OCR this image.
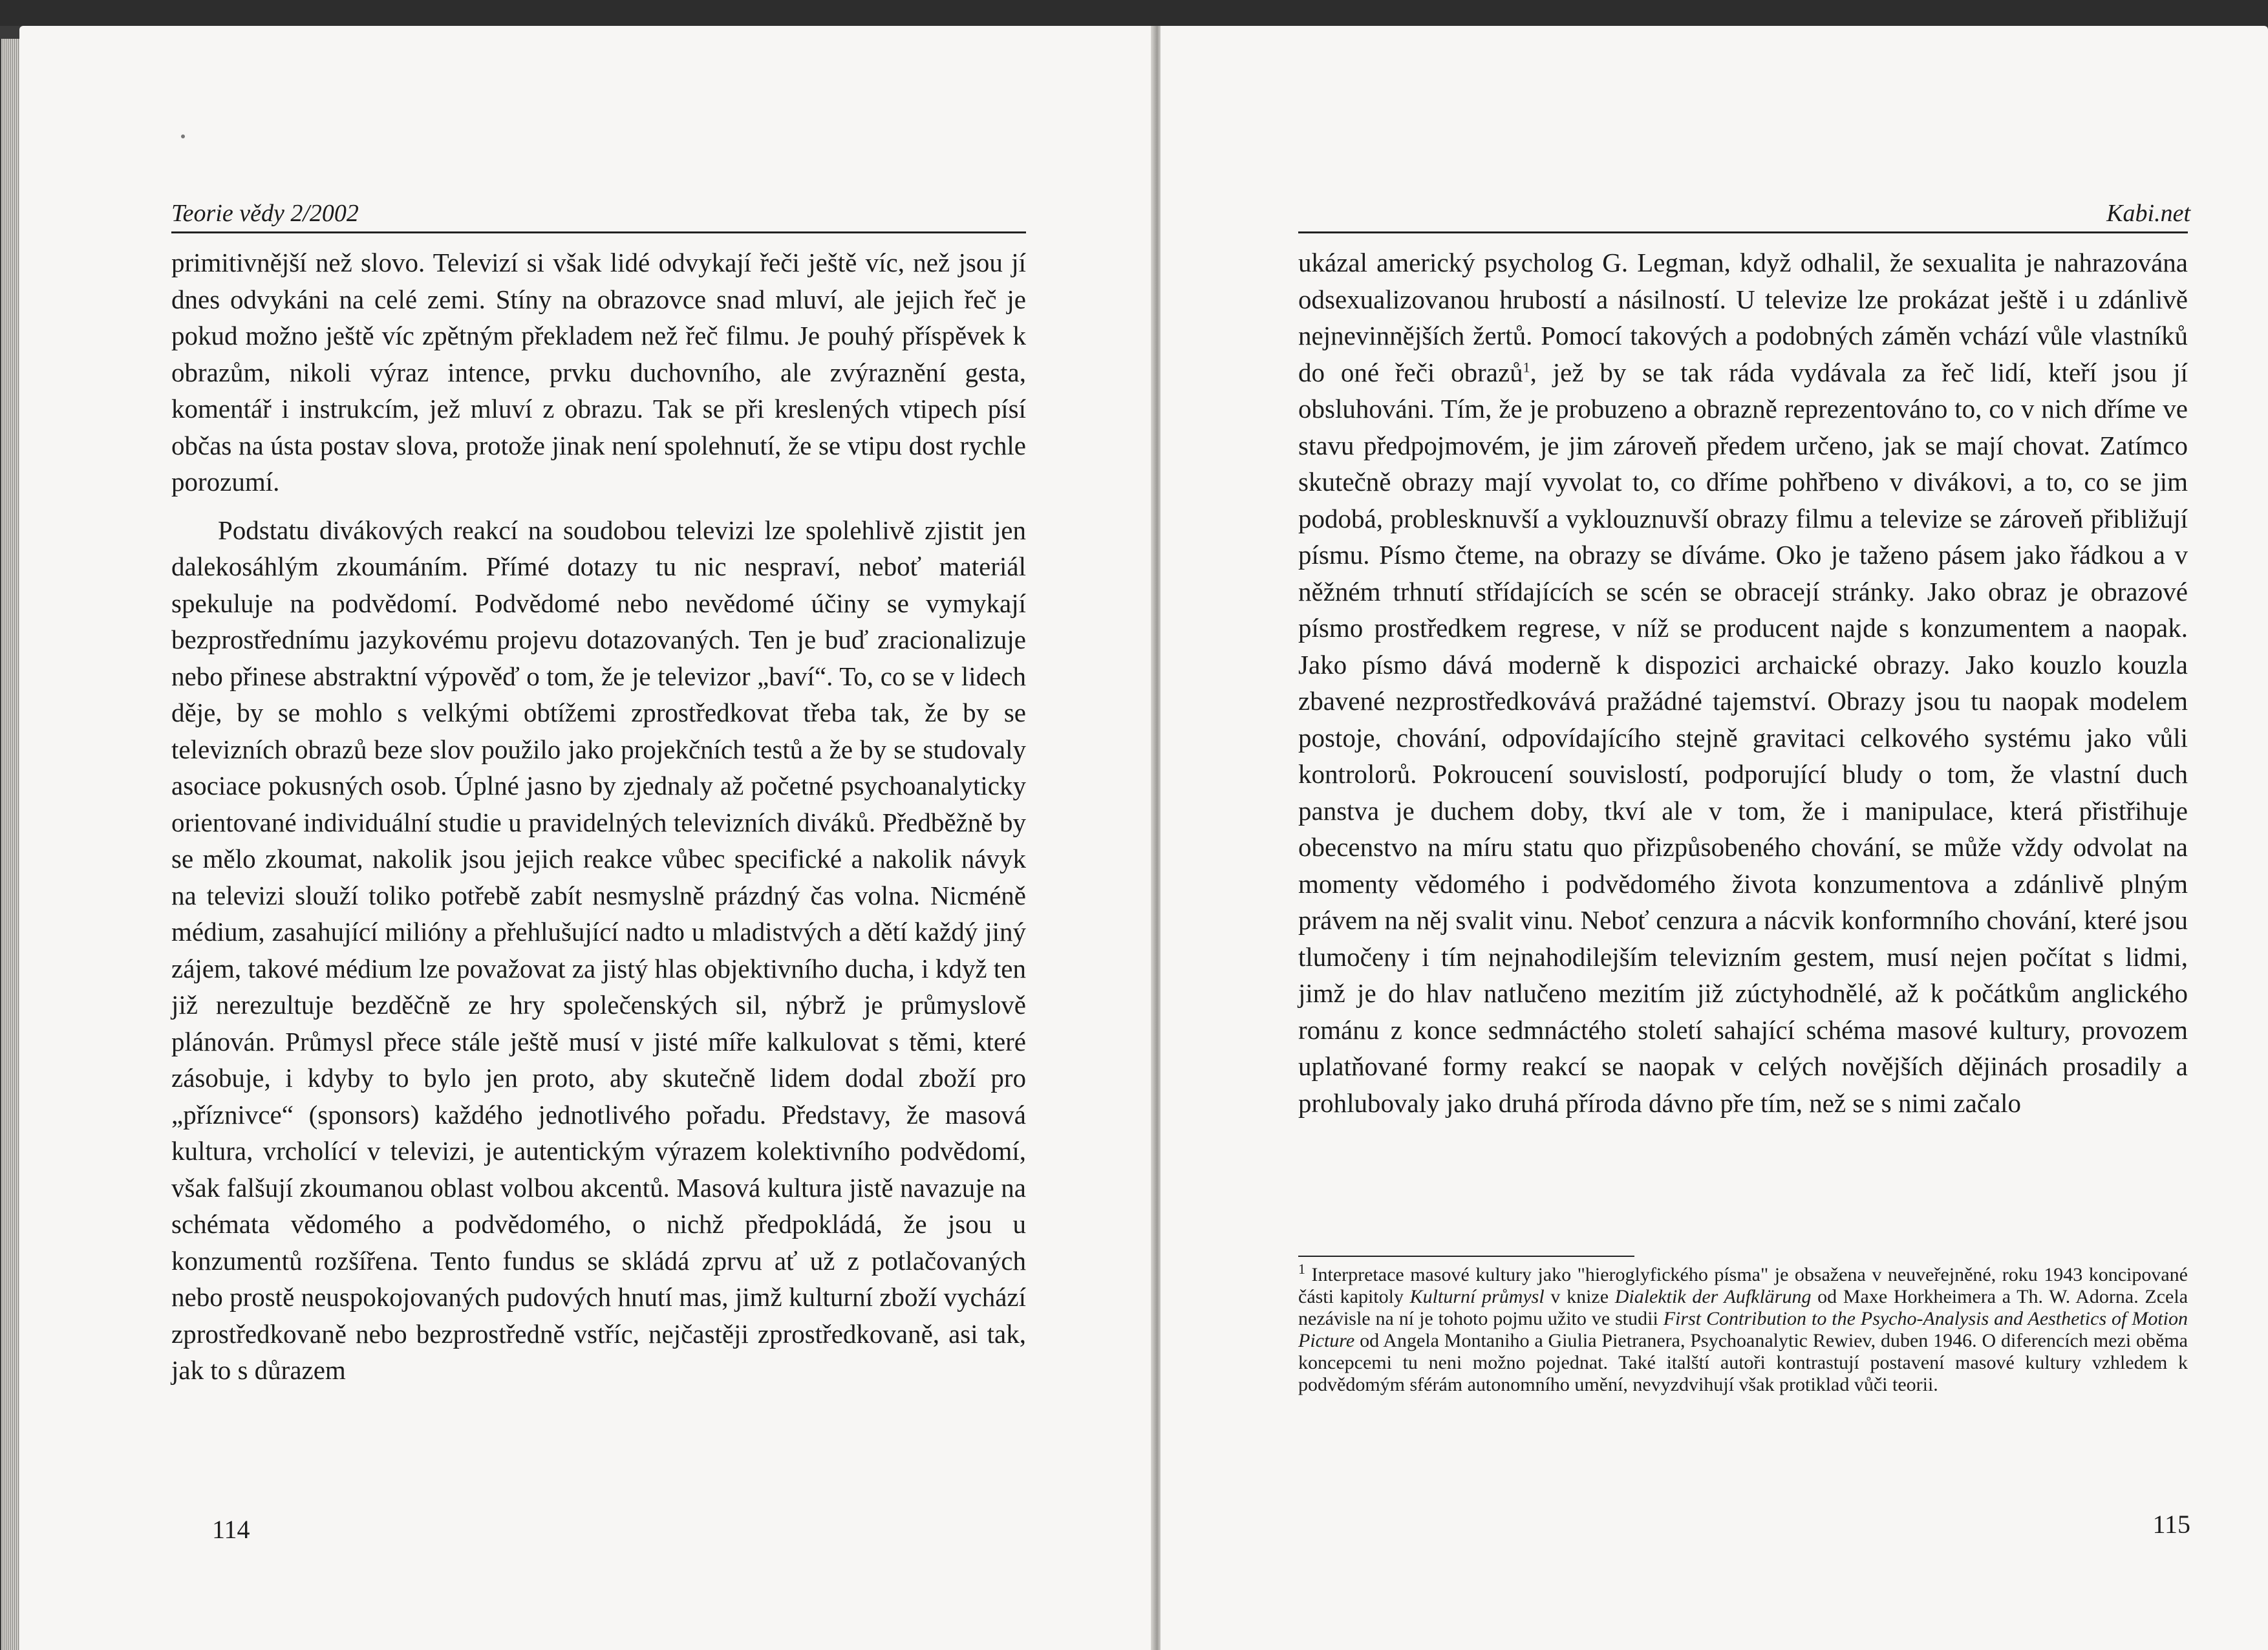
Teorie vědy 2/2002

primitivnější než slovo. Televizí si však lidé odvykají řeči ještě víc, než jsou jí dnes odvykáni na celé zemi. Stíny na obrazovce snad mluví, ale jejich řeč je pokud možno ještě víc zpětným překladem než řeč filmu. Je pouhý příspěvek k obrazům, nikoli výraz intence, prvku duchovního, ale zvýraznění gesta, komentář i instrukcím, jež mluví z obrazu. Tak se při kreslených vtipech písí občas na ústa postav slova, protože jinak není spolehnutí, že se vtipu dost rychle porozumí.

Podstatu divákových reakcí na soudobou televizi lze spolehlivě zjistit jen dalekosáhlým zkoumáním. Přímé dotazy tu nic nespraví, neboť materiál spekuluje na podvědomí. Podvědomé nebo nevědomé účiny se vymykají bezprostřednímu jazykovému projevu dotazovaných. Ten je buď zracionalizuje nebo přinese abstraktní výpověď o tom, že je televizor „baví“. To, co se v lidech děje, by se mohlo s velkými obtížemi zprostředkovat třeba tak, že by se televizních obrazů beze slov použilo jako projekčních testů a že by se studovaly asociace pokusných osob. Úplné jasno by zjednaly až početné psychoanalyticky orientované individuální studie u pravidelných televizních diváků. Předběžně by se mělo zkoumat, nakolik jsou jejich reakce vůbec specifické a nakolik návyk na televizi slouží toliko potřebě zabít nesmyslně prázdný čas volna. Nicméně médium, zasahující milióny a přehlušující nadto u mladistvých a dětí každý jiný zájem, takové médium lze považovat za jistý hlas objektivního ducha, i když ten již nerezultuje bezděčně ze hry společenských sil, nýbrž je průmyslově plánován. Průmysl přece stále ještě musí v jisté míře kalkulovat s těmi, které zásobuje, i kdyby to bylo jen proto, aby skutečně lidem dodal zboží pro „příznivce“ (sponsors) každého jednotlivého pořadu. Představy, že masová kultura, vrcholící v televizi, je autentickým výrazem kolektivního podvědomí, však falšují zkoumanou oblast volbou akcentů. Masová kultura jistě navazuje na schémata vědomého a podvědomého, o nichž předpokládá, že jsou u konzumentů rozšířena. Tento fundus se skládá zprvu ať už z potlačovaných nebo prostě neuspokojovaných pudových hnutí mas, jimž kulturní zboží vychází zprostředkovaně nebo bezprostředně vstříc, nejčastěji zprostředkovaně, asi tak, jak to s důrazem

114
Kabi.net

ukázal americký psycholog G. Legman, když odhalil, že sexualita je nahrazována odsexualizovanou hrubostí a násilností. U televize lze prokázat ještě i u zdánlivě nejnevinnějších žertů. Pomocí takových a podobných záměn vchází vůle vlastníků do oné řeči obrazů$^1$, jež by se tak ráda vydávala za řeč lidí, kteří jsou jí obsluhováni. Tím, že je probuzeno a obrazně reprezentováno to, co v nich dříme ve stavu předpojmovém, je jim zároveň předem určeno, jak se mají chovat. Zatímco skutečně obrazy mají vyvolat to, co dříme pohřbeno v divákovi, a to, co se jim podobá, problesknuvší a vyklouznuvší obrazy filmu a televize se zároveň přibližují písmu. Písmo čteme, na obrazy se díváme. Oko je taženo pásem jako řádkou a v něžném trhnutí střídajících se scén se obracejí stránky. Jako obraz je obrazové písmo prostředkem regrese, v níž se producent najde s konzumentem a naopak. Jako písmo dává moderně k dispozici archaické obrazy. Jako kouzlo kouzla zbavené nezprostředkovává pražádné tajemství. Obrazy jsou tu naopak modelem postoje, chování, odpovídajícího stejně gravitaci celkového systému jako vůli kontrolorů. Pokroucení souvislostí, podporující bludy o tom, že vlastní duch panstva je duchem doby, tkví ale v tom, že i manipulace, která přistřihuje obecenstvo na míru statu quo přizpůsobeného chování, se může vždy odvolat na momenty vědomého i podvědomého života konzumentova a zdánlivě plným právem na něj svalit vinu. Neboť cenzura a nácvik konformního chování, které jsou tlumočeny i tím nejnahodilejším televizním gestem, musí nejen počítat s lidmi, jimž je do hlav natlučeno mezitím již zúctyhodnělé, až k počátkům anglického románu z konce sedmnáctého století sahající schéma masové kultury, provozem uplatňované formy reakcí se naopak v celých novějších dějinách prosadily a prohlubovaly jako druhá příroda dávno pře tím, než se s nimi začalo

$^1$ Interpretace masové kultury jako "hieroglyfického písma" je obsažena v neuveřejněné, roku 1943 koncipované části kapitoly Kulturní průmysl v knize Dialektik der Aufklärung od Maxe Horkheimera a Th. W. Adorna. Zcela nezávisle na ní je tohoto pojmu užito ve studii First Contribution to the Psycho-Analysis and Aesthetics of Motion Picture od Angela Montaniho a Giulia Pietranera, Psychoanalytic Rewiev, duben 1946. O diferencích mezi oběma koncepcemi tu neni možno pojednat. Také italští autoři kontrastují postavení masové kultury vzhledem k podvědomým sférám autonomního umění, nevyzdvihují však protiklad vůči teorii.
115
